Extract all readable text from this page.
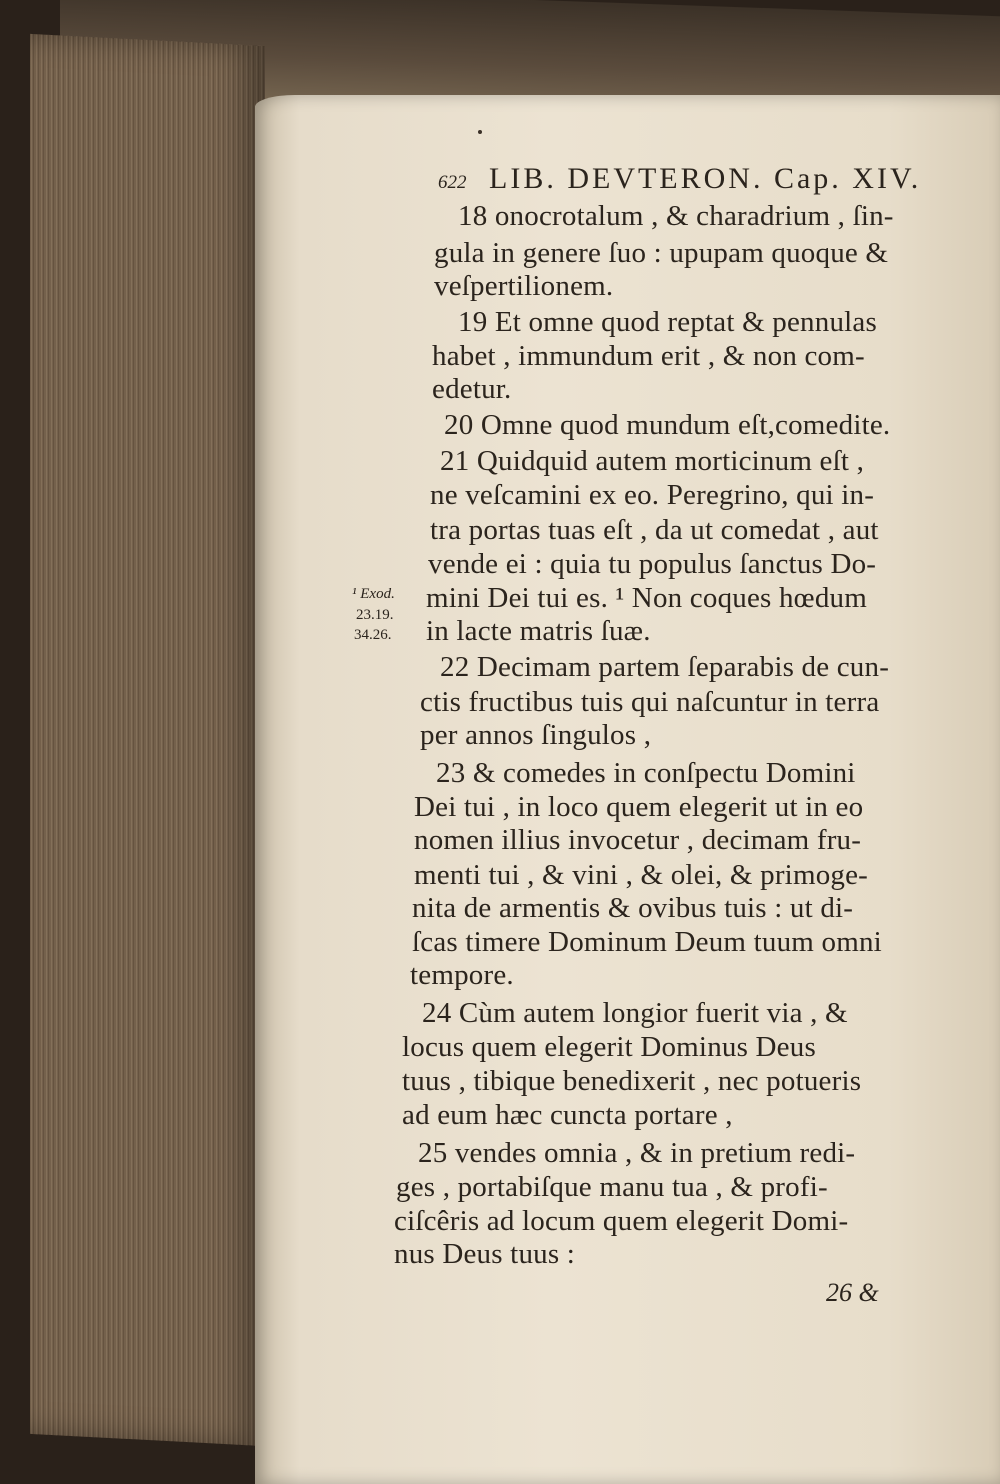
622 LIB. DEVTERON. Cap. XIV.
18 onocrotalum , & charadrium , ſin-
gula in genere ſuo : upupam quoque &
veſpertilionem.
19 Et omne quod reptat & pennulas
habet , immundum erit , & non com-
edetur.
20 Omne quod mundum eſt,comedite.
21 Quidquid autem morticinum eſt ,
ne veſcamini ex eo. Peregrino, qui in-
tra portas tuas eſt , da ut comedat , aut
vende ei : quia tu populus ſanctus Do-
mini Dei tui es. ¹ Non coques hœdum
in lacte matris ſuæ.
22 Decimam partem ſeparabis de cun-
ctis fructibus tuis qui naſcuntur in terra
per annos ſingulos ,
23 & comedes in conſpectu Domini
Dei tui , in loco quem elegerit ut in eo
nomen illius invocetur , decimam fru-
menti tui , & vini , & olei, & primoge-
nita de armentis & ovibus tuis : ut di-
ſcas timere Dominum Deum tuum omni
tempore.
24 Cùm autem longior fuerit via , &
locus quem elegerit Dominus Deus
tuus , tibique benedixerit , nec potueris
ad eum hæc cuncta portare ,
25 vendes omnia , & in pretium redi-
ges , portabiſque manu tua , & profi-
ciſcêris ad locum quem elegerit Domi-
nus Deus tuus :
¹ Exod.
23.19.
34.26.
26 &
